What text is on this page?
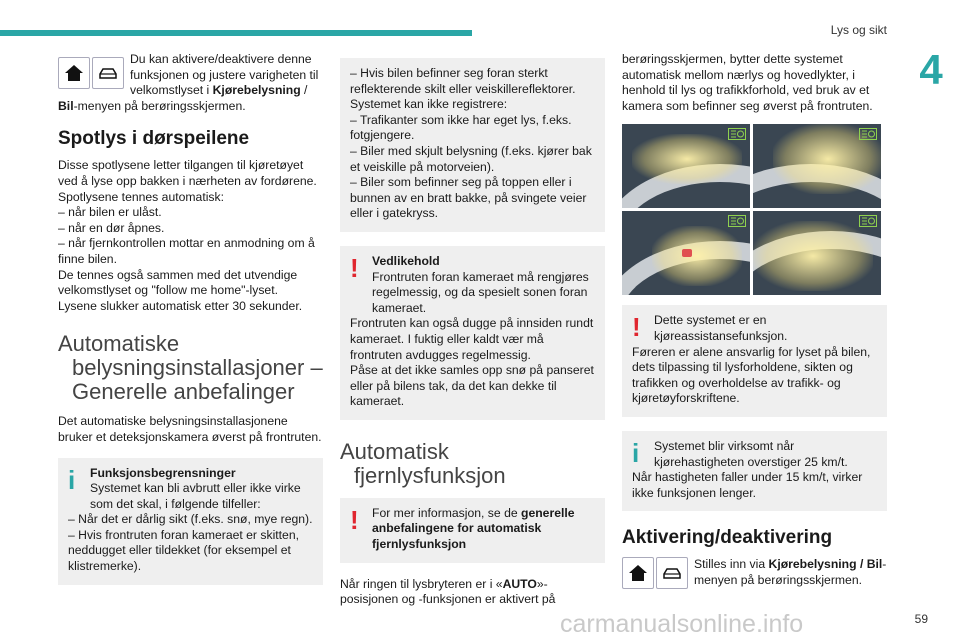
Lys og sikt
4

Du kan aktivere/deaktivere denne funksjonen og justere varigheten til velkomstlyset i Kjørebelysning / Bil-menyen på berøringsskjermen.

Spotlys i dørspeilene

Disse spotlysene letter tilgangen til kjøretøyet ved å lyse opp bakken i nærheten av fordørene.

Spotlysene tennes automatisk:

– når bilen er ulåst.

– når en dør åpnes.

– når fjernkontrollen mottar en anmodning om å finne bilen.

De tennes også sammen med det utvendige velkomstlyset og "follow me home"-lyset.

Lysene slukker automatisk etter 30 sekunder.

Automatiske
belysningsinstallasjoner – Generelle anbefalinger

Det automatiske belysningsinstallasjonene bruker et deteksjonskamera øverst på frontruten.

i	Funksjonsbegrensninger

Systemet kan bli avbrutt eller ikke virke som det skal, i følgende tilfeller:

– Når det er dårlig sikt (f.eks. snø, mye regn).

– Hvis frontruten foran kameraet er skitten, neddugget eller tildekket (for eksempel et klistremerke).

– Hvis bilen befinner seg foran sterkt reflekterende skilt eller veiskillereflektorer.

Systemet kan ikke registrere:

– Trafikanter som ikke har eget lys, f.eks. fotgjengere.

– Biler med skjult belysning (f.eks. kjører bak et veiskille på motorveien).

– Biler som befinner seg på toppen eller i bunnen av en bratt bakke, på svingete veier eller i gatekryss.

!	Vedlikehold

Frontruten foran kameraet må rengjøres regelmessig, og da spesielt sonen foran kameraet.

Frontruten kan også dugge på innsiden rundt kameraet. I fuktig eller kaldt vær må frontruten avdugges regelmessig.

Påse at det ikke samles opp snø på panseret eller på bilens tak, da det kan dekke til kameraet.

Automatisk
fjernlysfunksjon
!	For mer informasjon, se de generelle anbefalingene for automatisk fjernlysfunksjon

Når ringen til lysbryteren er i «AUTO»-posisjonen og -funksjonen er aktivert på

berøringsskjermen, bytter dette systemet automatisk mellom nærlys og hovedlykter, i henhold til lys og trafikkforhold, ved bruk av et kamera som befinner seg øverst på frontruten.

!	Dette systemet er en kjøreassistansefunksjon.

Føreren er alene ansvarlig for lyset på bilen, dets tilpassing til lysforholdene, sikten og trafikken og overholdelse av trafikk- og kjøretøyforskriftene.

i	Systemet blir virksomt når kjørehastigheten overstiger 25 km/t.

Når hastigheten faller under 15 km/t, virker ikke funksjonen lenger.

Aktivering/deaktivering

Stilles inn via Kjørebelysning / Bil-menyen på berøringsskjermen.

carmanualsonline.info	59
